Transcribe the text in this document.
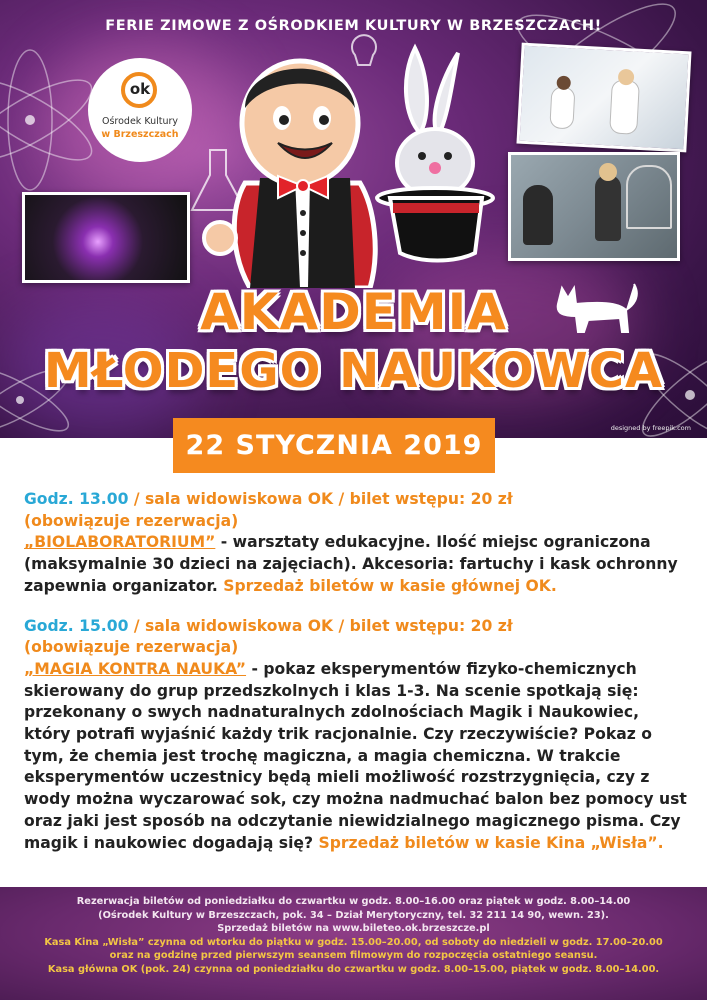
FERIE ZIMOWE Z OŚRODKIEM KULTURY W BRZESZCZACH!
ok
Ośrodek Kultury
w Brzeszczach
AKADEMIA
MŁODEGO NAUKOWCA
designed by freepik.com
22 STYCZNIA 2019

Godz. 13.00 / sala widowiskowa OK / bilet wstępu: 20 zł

(obowiązuje rezerwacja)

„BIOLABORATORIUM” - warsztaty edukacyjne. Ilość miejsc ograniczona (maksymalnie 30 dzieci na zajęciach). Akcesoria: fartuchy i kask ochronny zapewnia organizator. Sprzedaż biletów w kasie głównej OK.

Godz. 15.00 / sala widowiskowa OK / bilet wstępu: 20 zł

(obowiązuje rezerwacja)

„MAGIA KONTRA NAUKA” - pokaz eksperymentów fizyko-chemicznych skierowany do grup przedszkolnych i klas 1-3. Na scenie spotkają się: przekonany o swych nadnaturalnych zdolnościach Magik i Naukowiec, który potrafi wyjaśnić każdy trik racjonalnie. Czy rzeczywiście? Pokaz o tym, że chemia jest trochę magiczna, a magia chemiczna. W trakcie eksperymentów uczestnicy będą mieli możliwość rozstrzygnięcia, czy z wody można wyczarować sok, czy można nadmuchać balon bez pomocy ust oraz jaki jest sposób na odczytanie niewidzialnego magicznego pisma. Czy magik i naukowiec dogadają się? Sprzedaż biletów w kasie Kina „Wisła”.

Rezerwacja biletów od poniedziałku do czwartku w godz. 8.00–16.00 oraz piątek w godz. 8.00–14.00
(Ośrodek Kultury w Brzeszczach, pok. 34 – Dział Merytoryczny, tel. 32 211 14 90, wewn. 23).
Sprzedaż biletów na www.bileteo.ok.brzeszcze.pl
Kasa Kina „Wisła” czynna od wtorku do piątku w godz. 15.00–20.00, od soboty do niedzieli w godz. 17.00–20.00
oraz na godzinę przed pierwszym seansem filmowym do rozpoczęcia ostatniego seansu.
Kasa główna OK (pok. 24) czynna od poniedziałku do czwartku w godz. 8.00–15.00, piątek w godz. 8.00–14.00.
